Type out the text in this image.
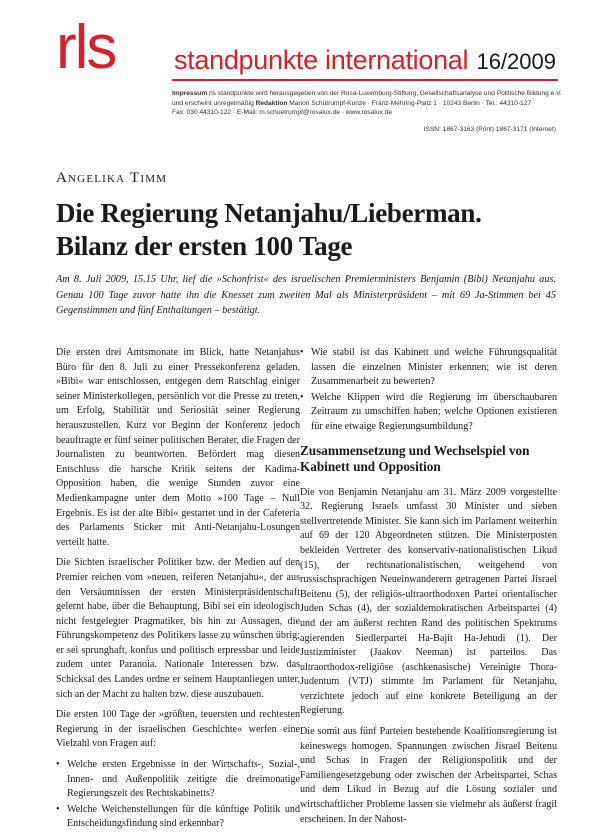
rls standpunkte international 16/2009
Impressum rls standpunkte wird herausgegeben von der Rosa-Luxemburg-Stiftung, Gesellschaftsanalyse und Politische Bildung e.V.
und erscheint unregelmäßig Redaktion Marion Schütrumpf-Kunze · Franz-Mehring-Platz 1 · 10243 Berlin · Tel.: 44310-127
Fax: 030 44310-122 · E-Mail: m.schuetrumpf@rosalux.de · www.rosalux.de
ISSN: 1867-3163 (Print) 1867-3171 (Internet)
Angelika Timm
Die Regierung Netanjahu/Lieberman.
Bilanz der ersten 100 Tage

Am 8. Juli 2009, 15.15 Uhr, lief die »Schonfrist« des israelischen Premierministers Benjamin (Bibi) Netanjahu aus. Genau 100 Tage zuvor hatte ihn die Knesset zum zweiten Mal als Ministerpräsident – mit 69 Ja-Stimmen bei 45 Gegenstimmen und fünf Enthaltungen – bestätigt.

Die ersten drei Amtsmonate im Blick, hatte Netanjahus Büro für den 8. Juli zu einer Pressekonferenz geladen. »Bibi« war entschlossen, entgegen dem Ratschlag einiger seiner Ministerkollegen, persönlich vor die Presse zu treten, um Erfolg, Stabilität und Seriosität seiner Regierung herauszustellen. Kurz vor Beginn der Konferenz jedoch beauftragte er fünf seiner politischen Berater, die Fragen der Journalisten zu beantworten. Befördert mag diesen Entschluss die harsche Kritik seitens der Kadima-Opposition haben, die wenige Stunden zuvor eine Medienkampagne unter dem Motto »100 Tage – Null Ergebnis. Es ist der alte Bibi« gestartet und in der Cafeteria des Parlaments Sticker mit Anti-Netanjahu-Losungen verteilt hatte.

Die Sichten israelischer Politiker bzw. der Medien auf den Premier reichen vom »neuen, reiferen Netanjahu«, der aus den Versäumnissen der ersten Ministerpräsidentschaft gelernt habe, über die Behauptung, Bibi sei ein ideologisch nicht festgelegter Pragmatiker, bis hin zu Aussagen, die Führungskompetenz des Politikers lasse zu wünschen übrig; er sei sprunghaft, konfus und politisch erpressbar und leide zudem unter Paranoia. Nationale Interessen bzw. das Schicksal des Landes ordne er seinem Hauptanliegen unter, sich an der Macht zu halten bzw. diese auszubauen.

Die ersten 100 Tage der »größten, teuersten und rechtesten Regierung in der israelischen Geschichte« werfen eine Vielzahl von Fragen auf:

• Welche ersten Ergebnisse in der Wirtschafts-, Sozial-, Innen- und Außenpolitik zeitigte die dreimonatige Regierungszeit des Rechtskabinetts?
• Welche Weichenstellungen für die künftige Politik und Entscheidungsfindung sind erkennbar?
• Wie stabil ist das Kabinett und welche Führungsqualität lassen die einzelnen Minister erkennen; wie ist deren Zusammenarbeit zu bewerten?
• Welche Klippen wird die Regierung im überschaubaren Zeitraum zu umschiffen haben; welche Optionen existieren für eine etwaige Regierungsumbildung?
Zusammensetzung und Wechselspiel von Kabinett und Opposition

Die von Benjamin Netanjahu am 31. März 2009 vorgestellte 32. Regierung Israels umfasst 30 Minister und sieben stellvertretende Minister. Sie kann sich im Parlament weiterhin auf 69 der 120 Abgeordneten stützen. Die Ministerposten bekleiden Vertreter des konservativ-nationalistischen Likud (15), der rechtsnationalistischen, weitgehend von russischsprachigen Neueinwanderern getragenen Partei Jisrael Beitenu (5), der religiös-ultraorthodoxen Partei orientalischer Juden Schas (4), der sozialdemokratischen Arbeitspartei (4) und der am äußerst rechten Rand des politischen Spektrums agierenden Siedlerpartei Ha-Bajit Ha-Jehudi (1). Der Justizminister (Jaakov Neeman) ist parteilos. Das ultraorthodox-religiöse (aschkenasische) Vereinigte Thora-Judentum (VTJ) stimmte im Parlament für Netanjahu, verzichtete jedoch auf eine konkrete Beteiligung an der Regierung.

Die somit aus fünf Parteien bestehende Koalitionsregierung ist keineswegs homogen. Spannungen zwischen Jisrael Beitenu und Schas in Fragen der Religionspolitik und der Familiengesetzgebung oder zwischen der Arbeitspartei, Schas und dem Likud in Bezug auf die Lösung sozialer und wirtschaftlicher Probleme lassen sie vielmehr als äußerst fragil erscheinen. In der Nahost-
